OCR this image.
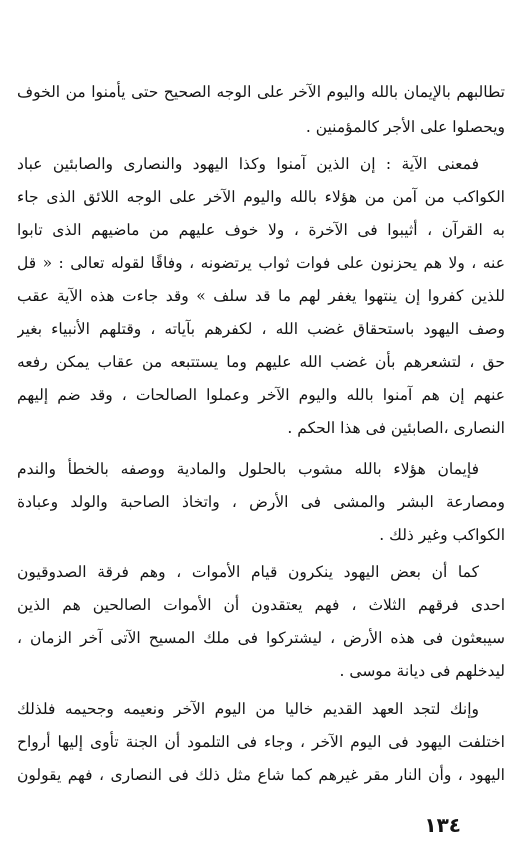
تطالبهم بالإيمان بالله واليوم الآخر على الوجه الصحيح حتى يأمنوا من الخوف
ويحصلوا على الأجر كالمؤمنين .
فمعنى الآية : إن الذين آمنوا وكذا اليهود والنصارى والصابئين عباد
الكواكب من آمن من هؤلاء بالله واليوم الآخر على الوجه اللائق الذى جاء
به القرآن ، أثيبوا فى الآخرة ، ولا خوف عليهم من ماضيهم الذى تابوا
عنه ، ولا هم يحزنون على فوات ثواب يرتضونه ، وفاقًا لقوله تعالى : « قل
للذين كفروا إن ينتهوا يغفر لهم ما قد سلف » وقد جاءت هذه الآية عقب
وصف اليهود باستحقاق غضب الله ، لكفرهم بآياته ، وقتلهم الأنبياء بغير
حق ، لتشعرهم بأن غضب الله عليهم وما يستتبعه من عقاب يمكن رفعه
عنهم إن هم آمنوا بالله واليوم الآخر وعملوا الصالحات ، وقد ضم إليهم
النصارى ،الصابئين فى هذا الحكم .
فإيمان هؤلاء بالله مشوب بالحلول والمادية ووصفه بالخطأ والندم
ومصارعة البشر والمشى فى الأرض ، واتخاذ الصاحبة والولد وعبادة
الكواكب وغير ذلك .
كما أن بعض اليهود ينكرون قيام الأموات ، وهم فرقة الصدوقيون
احدى فرقهم الثلاث ، فهم يعتقدون أن الأموات الصالحين هم الذين
سيبعثون فى هذه الأرض ، ليشتركوا فى ملك المسيح الآتى آخر الزمان ،
ليدخلهم فى ديانة موسى .
وإنك لتجد العهد القديم خاليا من اليوم الآخر ونعيمه وجحيمه فلذلك
اختلفت اليهود فى اليوم الآخر ، وجاء فى التلمود أن الجنة تأوى إليها أرواح
اليهود ، وأن النار مقر غيرهم كما شاع مثل ذلك فى النصارى ، فهم يقولون
١٣٤
